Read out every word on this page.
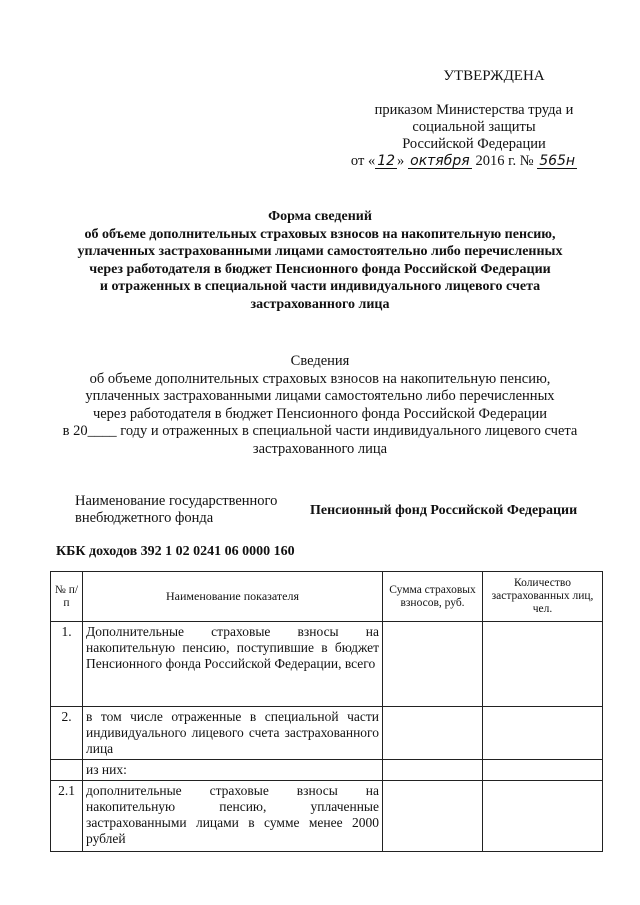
УТВЕРЖДЕНА
приказом Министерства труда и
социальной защиты
Российской Федерации
от « 12 » октября 2016 г. № 565н
Форма сведений
об объеме дополнительных страховых взносов на накопительную пенсию,
уплаченных застрахованными лицами самостоятельно либо перечисленных
через работодателя в бюджет Пенсионного фонда Российской Федерации
и отраженных в специальной части индивидуального лицевого счета
застрахованного лица
Сведения
об объеме дополнительных страховых взносов на накопительную пенсию,
уплаченных застрахованными лицами самостоятельно либо перечисленных
через работодателя в бюджет Пенсионного фонда Российской Федерации
в 20____ году и отраженных в специальной части индивидуального лицевого счета
застрахованного лица
Наименование государственного
внебюджетного фонда	Пенсионный фонд Российской Федерации
КБК доходов 392 1 02 0241 06 0000 160
№ п/п	Наименование показателя	Сумма страховых взносов, руб.	Количество застрахованных лиц, чел.
1.	Дополнительные страховые взносы на накопительную пенсию, поступившие в бюджет Пенсионного фонда Российской Федерации, всего		
2.	в том числе отраженные в специальной части индивидуального лицевого счета застрахованного лица		
	из них:		
2.1	дополнительные страховые взносы на накопительную пенсию, уплаченные застрахованными лицами в сумме менее 2000 рублей		
